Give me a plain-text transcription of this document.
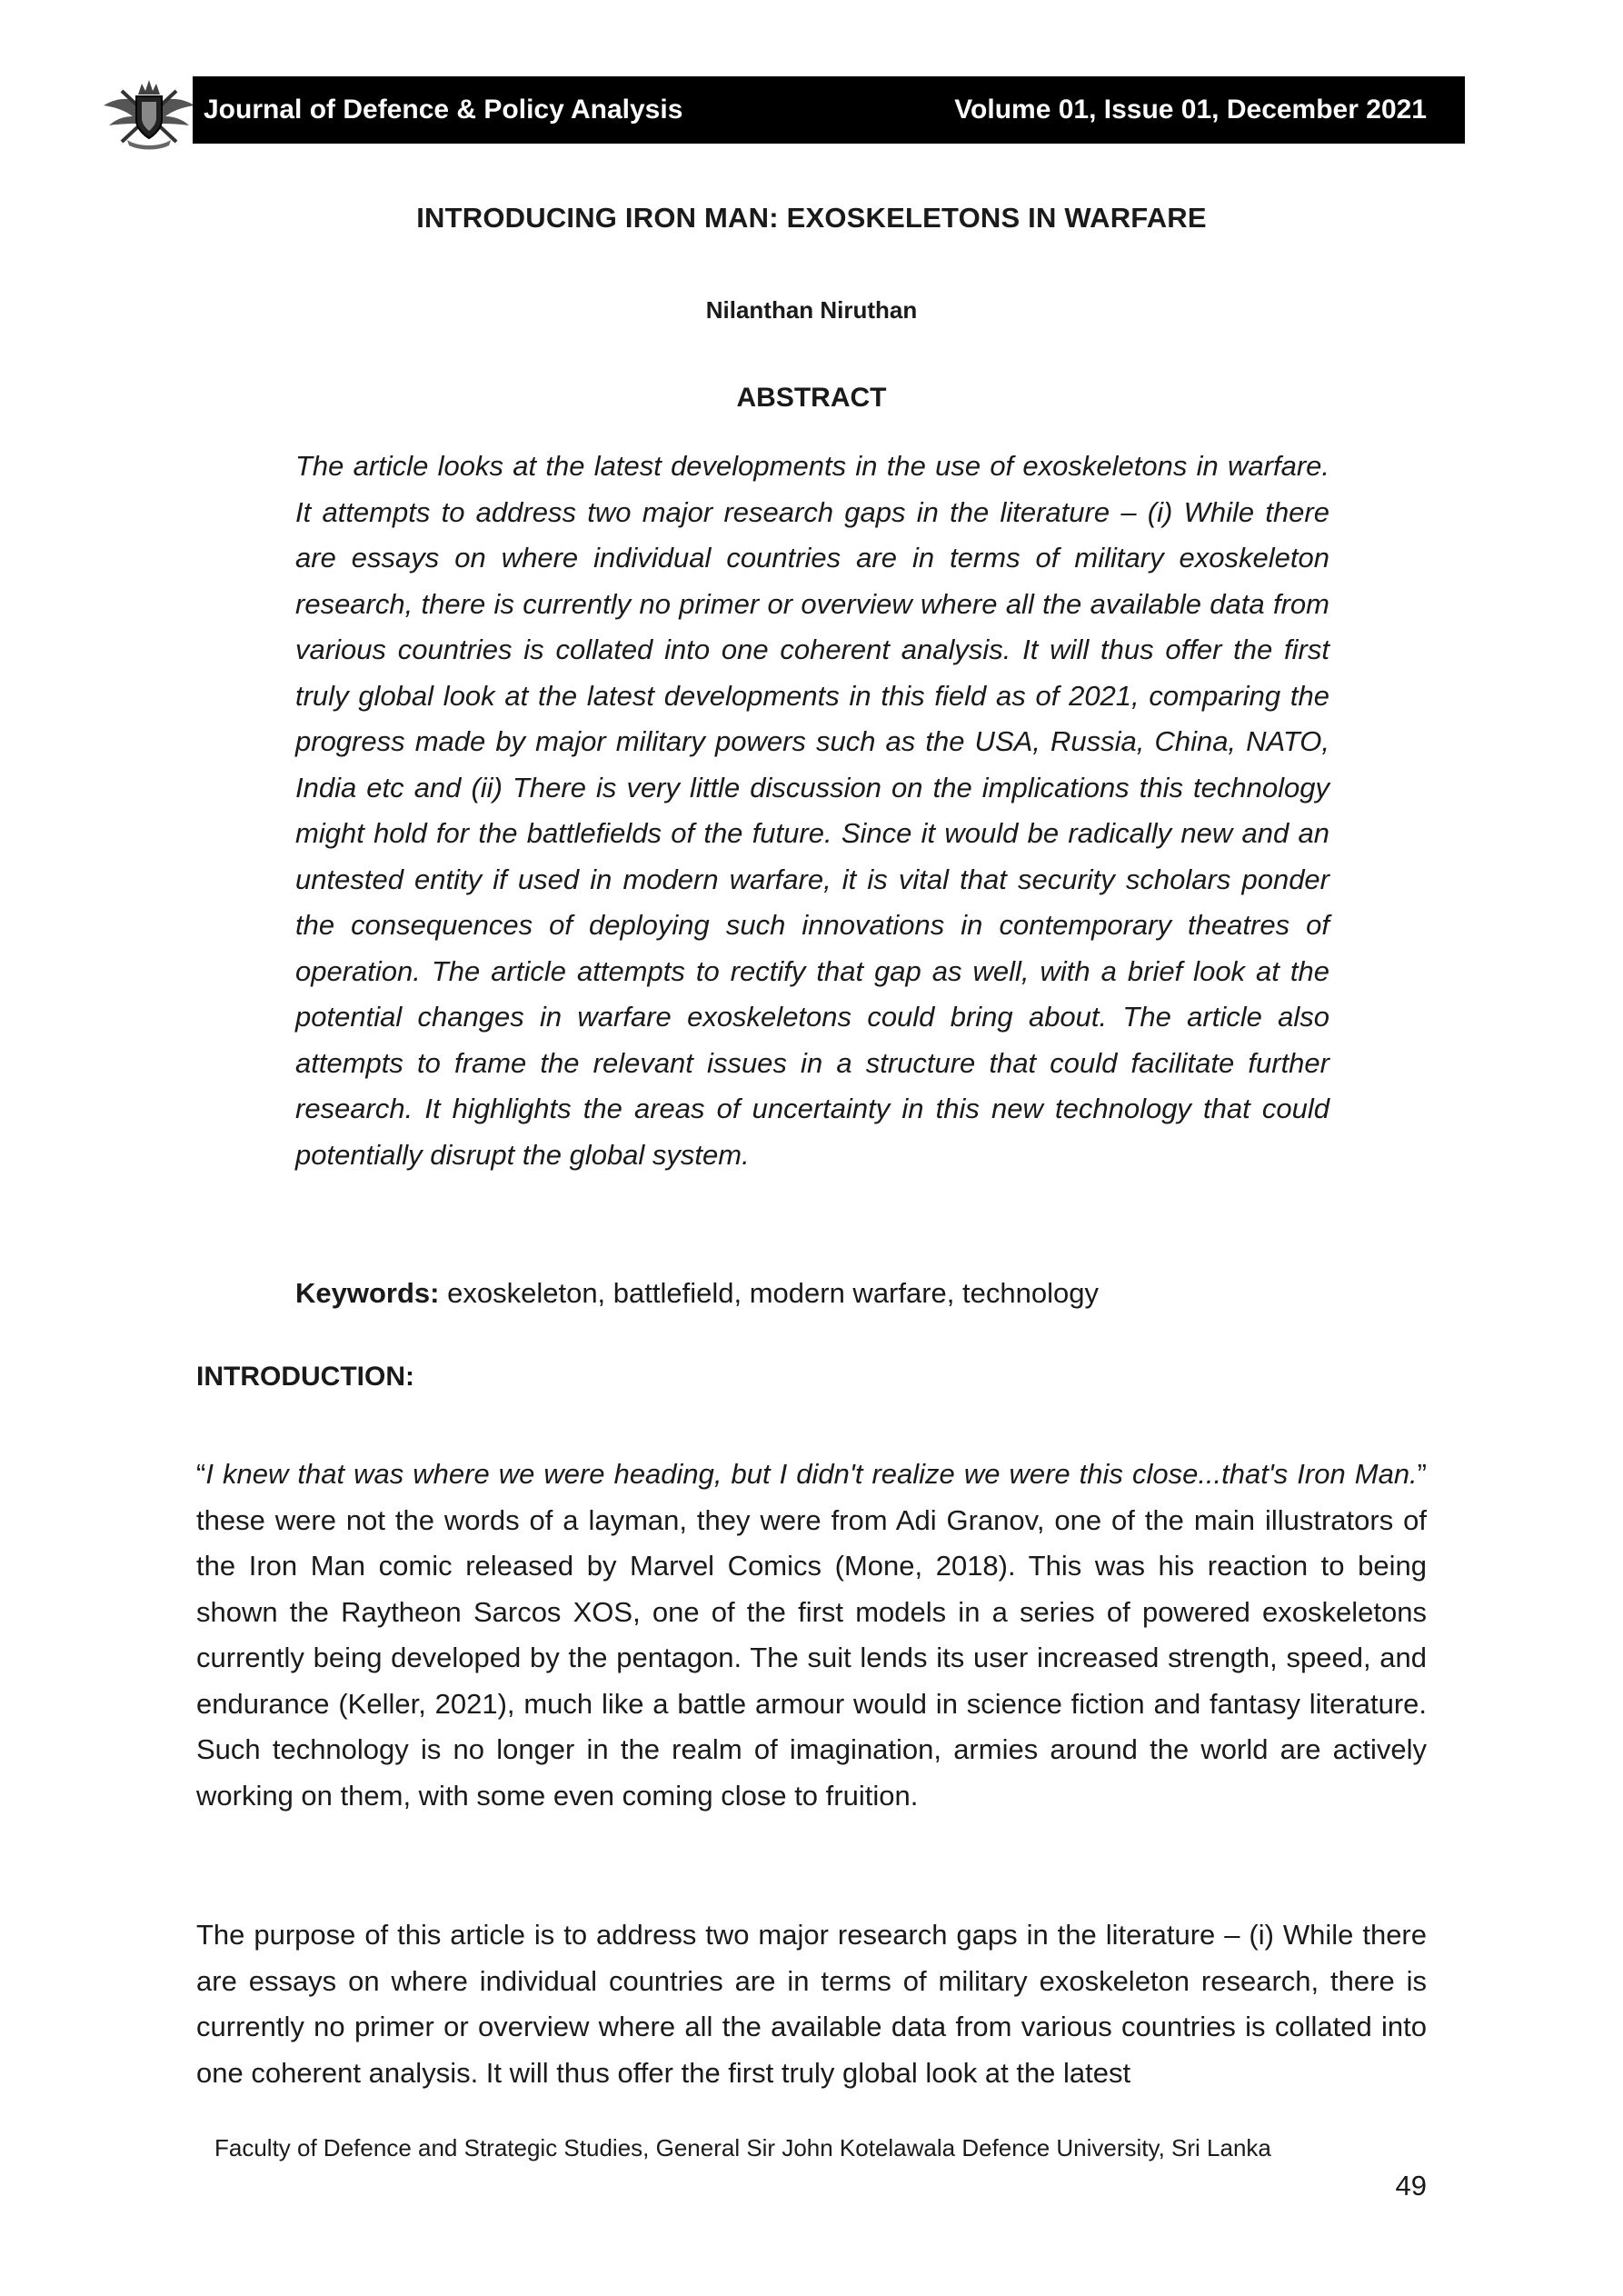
Journal of Defence & Policy Analysis	Volume 01, Issue 01, December 2021
INTRODUCING IRON MAN: EXOSKELETONS IN WARFARE
Nilanthan Niruthan
ABSTRACT

The article looks at the latest developments in the use of exoskeletons in warfare. It attempts to address two major research gaps in the literature – (i) While there are essays on where individual countries are in terms of military exoskeleton research, there is currently no primer or overview where all the available data from various countries is collated into one coherent analysis. It will thus offer the first truly global look at the latest developments in this field as of 2021, comparing the progress made by major military powers such as the USA, Russia, China, NATO, India etc and (ii) There is very little discussion on the implications this technology might hold for the battlefields of the future. Since it would be radically new and an untested entity if used in modern warfare, it is vital that security scholars ponder the consequences of deploying such innovations in contemporary theatres of operation. The article attempts to rectify that gap as well, with a brief look at the potential changes in warfare exoskeletons could bring about. The article also attempts to frame the relevant issues in a structure that could facilitate further research. It highlights the areas of uncertainty in this new technology that could potentially disrupt the global system.

Keywords: exoskeleton, battlefield, modern warfare, technology
INTRODUCTION:

“I knew that was where we were heading, but I didn't realize we were this close...that's Iron Man.” these were not the words of a layman, they were from Adi Granov, one of the main illustrators of the Iron Man comic released by Marvel Comics (Mone, 2018). This was his reaction to being shown the Raytheon Sarcos XOS, one of the first models in a series of powered exoskeletons currently being developed by the pentagon. The suit lends its user increased strength, speed, and endurance (Keller, 2021), much like a battle armour would in science fiction and fantasy literature. Such technology is no longer in the realm of imagination, armies around the world are actively working on them, with some even coming close to fruition.

The purpose of this article is to address two major research gaps in the literature – (i) While there are essays on where individual countries are in terms of military exoskeleton research, there is currently no primer or overview where all the available data from various countries is collated into one coherent analysis. It will thus offer the first truly global look at the latest

Faculty of Defence and Strategic Studies, General Sir John Kotelawala Defence University, Sri Lanka
49
